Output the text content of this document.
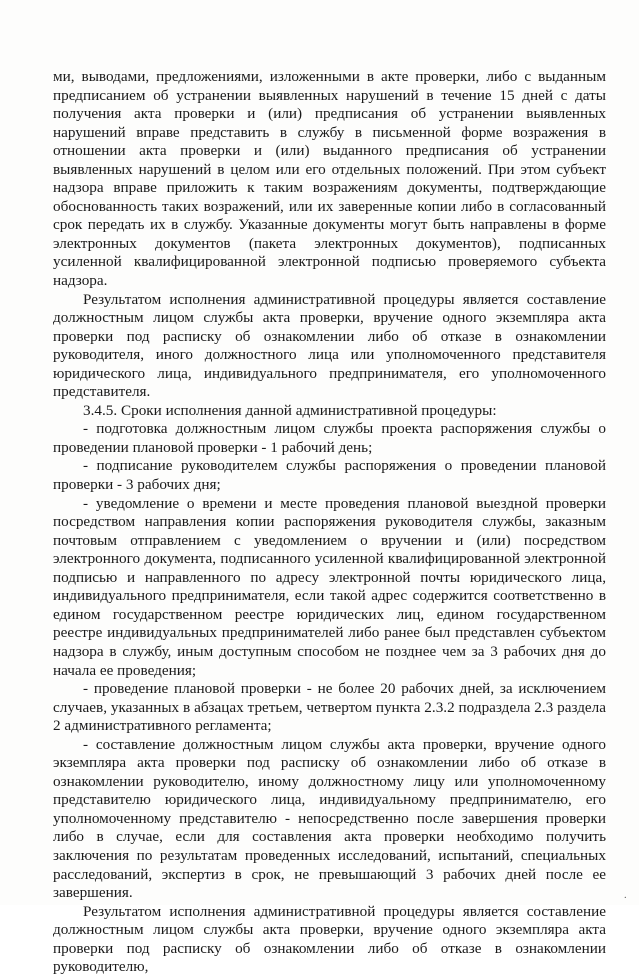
ми, выводами, предложениями, изложенными в акте проверки, либо с выданным предписанием об устранении выявленных нарушений в течение 15 дней с даты получения акта проверки и (или) предписания об устранении выявленных нарушений вправе представить в службу в письменной форме возражения в отношении акта проверки и (или) выданного предписания об устранении выявленных нарушений в целом или его отдельных положений. При этом субъект надзора вправе приложить к таким возражениям документы, подтверждающие обоснованность таких возражений, или их заверенные копии либо в согласованный срок передать их в службу. Указанные документы могут быть направлены в форме электронных документов (пакета электронных документов), подписанных усиленной квалифицированной электронной подписью проверяемого субъекта надзора.

Результатом исполнения административной процедуры является составление должностным лицом службы акта проверки, вручение одного экземпляра акта проверки под расписку об ознакомлении либо об отказе в ознакомлении руководителя, иного должностного лица или уполномоченного представителя юридического лица, индивидуального предпринимателя, его уполномоченного представителя.

3.4.5. Сроки исполнения данной административной процедуры:

- подготовка должностным лицом службы проекта распоряжения службы о проведении плановой проверки - 1 рабочий день;

- подписание руководителем службы распоряжения о проведении плановой проверки - 3 рабочих дня;

- уведомление о времени и месте проведения плановой выездной проверки посредством направления копии распоряжения руководителя службы, заказным почтовым отправлением с уведомлением о вручении и (или) посредством электронного документа, подписанного усиленной квалифицированной электронной подписью и направленного по адресу электронной почты юридического лица, индивидуального предпринимателя, если такой адрес содержится соответственно в едином государственном реестре юридических лиц, едином государственном реестре индивидуальных предпринимателей либо ранее был представлен субъектом надзора в службу, иным доступным способом не позднее чем за 3 рабочих дня до начала ее проведения;

- проведение плановой проверки - не более 20 рабочих дней, за исключением случаев, указанных в абзацах третьем, четвертом пункта 2.3.2 подраздела 2.3 раздела 2 административного регламента;

- составление должностным лицом службы акта проверки, вручение одного экземпляра акта проверки под расписку об ознакомлении либо об отказе в ознакомлении руководителю, иному должностному лицу или уполномоченному представителю юридического лица, индивидуальному предпринимателю, его уполномоченному представителю - непосредственно после завершения проверки либо в случае, если для составления акта проверки необходимо получить заключения по результатам проведенных исследований, испытаний, специальных расследований, экспертиз в срок, не превышающий 3 рабочих дней после ее завершения.

Результатом исполнения административной процедуры является составление должностным лицом службы акта проверки, вручение одного экземпляра акта проверки под расписку об ознакомлении либо об отказе в ознакомлении руководителю,

·
